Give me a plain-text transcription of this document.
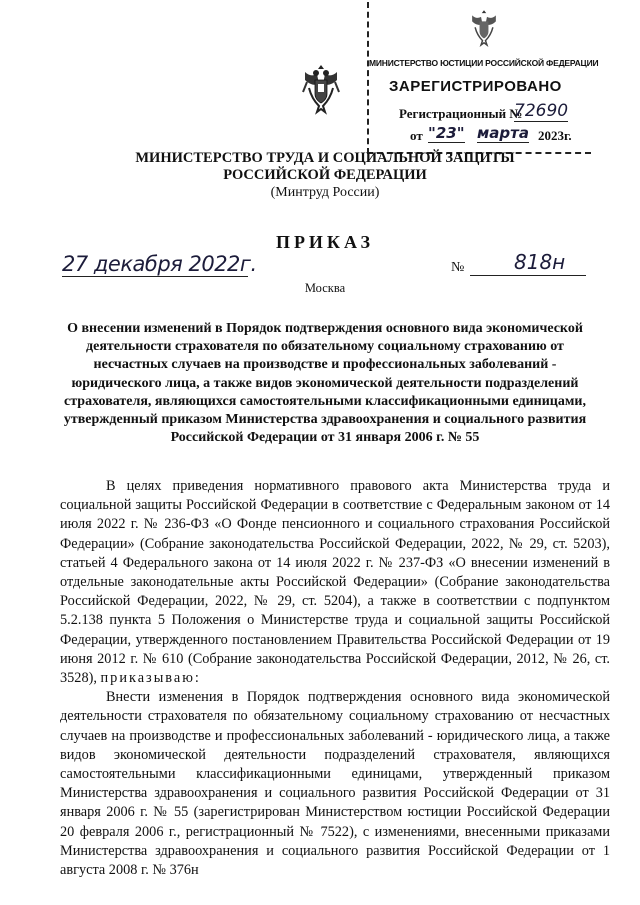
МИНИСТЕРСТВО ЮСТИЦИИ РОССИЙСКОЙ ФЕДЕРАЦИИ
ЗАРЕГИСТРИРОВАНО
Регистрационный №
72690
от "23" марта 2023г.
МИНИСТЕРСТВО ТРУДА И СОЦИАЛЬНОЙ ЗАЩИТЫ
РОССИЙСКОЙ ФЕДЕРАЦИИ
(Минтруд России)
ПРИКАЗ
27 декабря 2022г.	№ 818н
Москва
О внесении изменений в Порядок подтверждения основного вида экономической деятельности страхователя по обязательному социальному страхованию от несчастных случаев на производстве и профессиональных заболеваний - юридического лица, а также видов экономической деятельности подразделений страхователя, являющихся самостоятельными классификационными единицами, утвержденный приказом Министерства здравоохранения и социального развития Российской Федерации от 31 января 2006 г. № 55

В целях приведения нормативного правового акта Министерства труда и социальной защиты Российской Федерации в соответствие с Федеральным законом от 14 июля 2022 г. № 236-ФЗ «О Фонде пенсионного и социального страхования Российской Федерации» (Собрание законодательства Российской Федерации, 2022, № 29, ст. 5203), статьей 4 Федерального закона от 14 июля 2022 г. № 237-ФЗ «О внесении изменений в отдельные законодательные акты Российской Федерации» (Собрание законодательства Российской Федерации, 2022, № 29, ст. 5204), а также в соответствии с подпунктом 5.2.138 пункта 5 Положения о Министерстве труда и социальной защиты Российской Федерации, утвержденного постановлением Правительства Российской Федерации от 19 июня 2012 г. № 610 (Собрание законодательства Российской Федерации, 2012, № 26, ст. 3528), приказываю:

Внести изменения в Порядок подтверждения основного вида экономической деятельности страхователя по обязательному социальному страхованию от несчастных случаев на производстве и профессиональных заболеваний - юридического лица, а также видов экономической деятельности подразделений страхователя, являющихся самостоятельными классификационными единицами, утвержденный приказом Министерства здравоохранения и социального развития Российской Федерации от 31 января 2006 г. № 55 (зарегистрирован Министерством юстиции Российской Федерации 20 февраля 2006 г., регистрационный № 7522), с изменениями, внесенными приказами Министерства здравоохранения и социального развития Российской Федерации от 1 августа 2008 г. № 376н
